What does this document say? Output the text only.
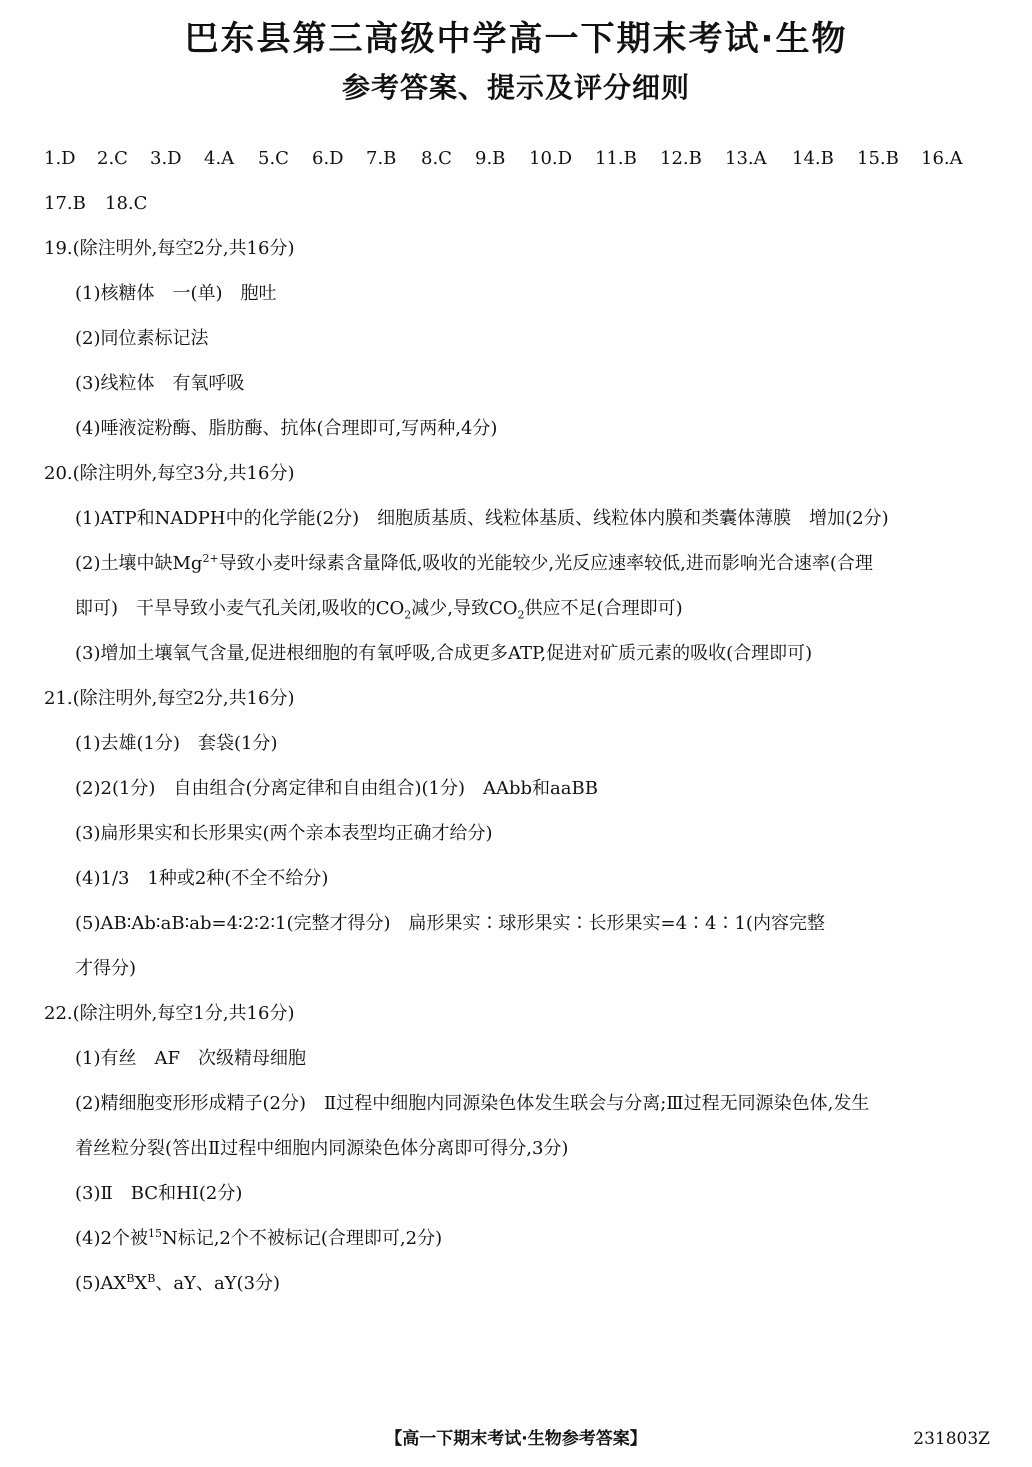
巴东县第三高级中学高一下期末考试·生物
参考答案、提示及评分细则
1.D 2.C 3.D 4.A 5.C 6.D 7.B 8.C 9.B 10.D 11.B 12.B 13.A 14.B 15.B 16.A
17.B 18.C
19.(除注明外,每空2分,共16分)
(1)核糖体　一(单)　胞吐
(2)同位素标记法
(3)线粒体　有氧呼吸
(4)唾液淀粉酶、脂肪酶、抗体(合理即可,写两种,4分)
20.(除注明外,每空3分,共16分)
(1)ATP和NADPH中的化学能(2分)　细胞质基质、线粒体基质、线粒体内膜和类囊体薄膜　增加(2分)
(2)土壤中缺$Mg^{2+}$导致小麦叶绿素含量降低,吸收的光能较少,光反应速率较低,进而影响光合速率(合理
即可)　干旱导致小麦气孔关闭,吸收的$CO_2$减少,导致$CO_2$供应不足(合理即可)
(3)增加土壤氧气含量,促进根细胞的有氧呼吸,合成更多ATP,促进对矿质元素的吸收(合理即可)
21.(除注明外,每空2分,共16分)
(1)去雄(1分)　套袋(1分)
(2)2(1分)　自由组合(分离定律和自由组合)(1分)　AAbb和aaBB
(3)扁形果实和长形果实(两个亲本表型均正确才给分)
(4)1/3　1种或2种(不全不给分)
(5)AB∶Ab∶aB∶ab=4∶2∶2∶1(完整才得分)　扁形果实∶球形果实∶长形果实=4∶4∶1(内容完整
才得分)
22.(除注明外,每空1分,共16分)
(1)有丝　AF　次级精母细胞
(2)精细胞变形形成精子(2分)　Ⅱ过程中细胞内同源染色体发生联会与分离;Ⅲ过程无同源染色体,发生
着丝粒分裂(答出Ⅱ过程中细胞内同源染色体分离即可得分,3分)
(3)Ⅱ　BC和HI(2分)
(4)2个被$^{15}$N标记,2个不被标记(合理即可,2分)
$(5)AX^BX^B$、aY、aY(3分)
【高一下期末考试·生物参考答案】	231803Z
